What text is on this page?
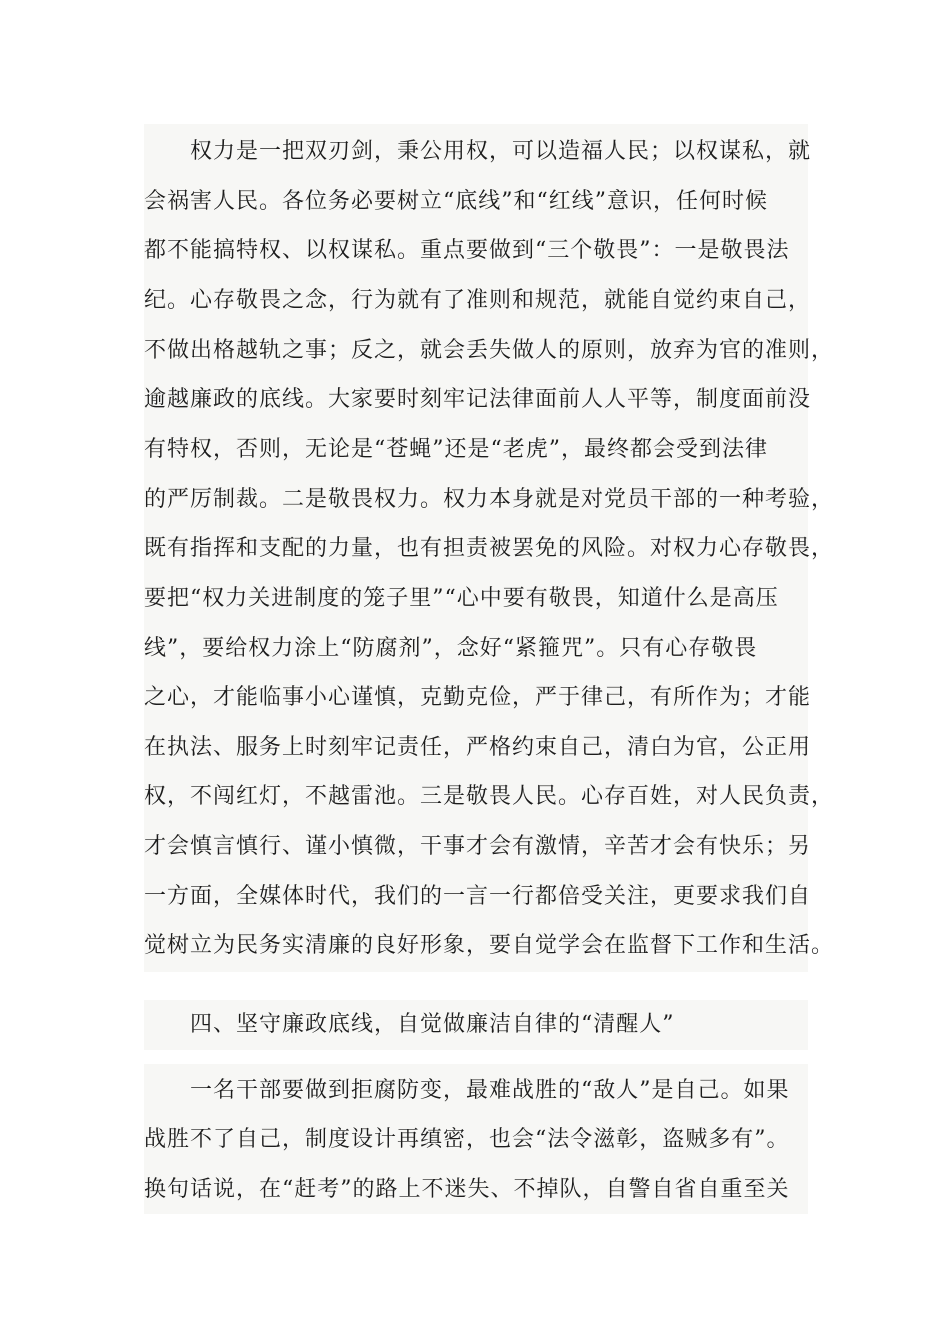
权力是一把双刃剑，秉公用权，可以造福人民；以权谋私，就
会祸害人民。各位务必要树立“底线”和“红线”意识，任何时候
都不能搞特权、以权谋私。重点要做到“三个敬畏”：一是敬畏法
纪。心存敬畏之念，行为就有了准则和规范，就能自觉约束自己，
不做出格越轨之事；反之，就会丢失做人的原则，放弃为官的准则，
逾越廉政的底线。大家要时刻牢记法律面前人人平等，制度面前没
有特权，否则，无论是“苍蝇”还是“老虎”，最终都会受到法律
的严厉制裁。二是敬畏权力。权力本身就是对党员干部的一种考验，
既有指挥和支配的力量，也有担责被罢免的风险。对权力心存敬畏，
要把“权力关进制度的笼子里”“心中要有敬畏，知道什么是高压
线”，要给权力涂上“防腐剂”，念好“紧箍咒”。只有心存敬畏
之心，才能临事小心谨慎，克勤克俭，严于律己，有所作为；才能
在执法、服务上时刻牢记责任，严格约束自己，清白为官，公正用
权，不闯红灯，不越雷池。三是敬畏人民。心存百姓，对人民负责，
才会慎言慎行、谨小慎微，干事才会有激情，辛苦才会有快乐；另
一方面，全媒体时代，我们的一言一行都倍受关注，更要求我们自
觉树立为民务实清廉的良好形象，要自觉学会在监督下工作和生活。
四、坚守廉政底线，自觉做廉洁自律的“清醒人”
一名干部要做到拒腐防变，最难战胜的“敌人”是自己。如果
战胜不了自己，制度设计再缜密，也会“法令滋彰，盗贼多有”。
换句话说，在“赶考”的路上不迷失、不掉队，自警自省自重至关
